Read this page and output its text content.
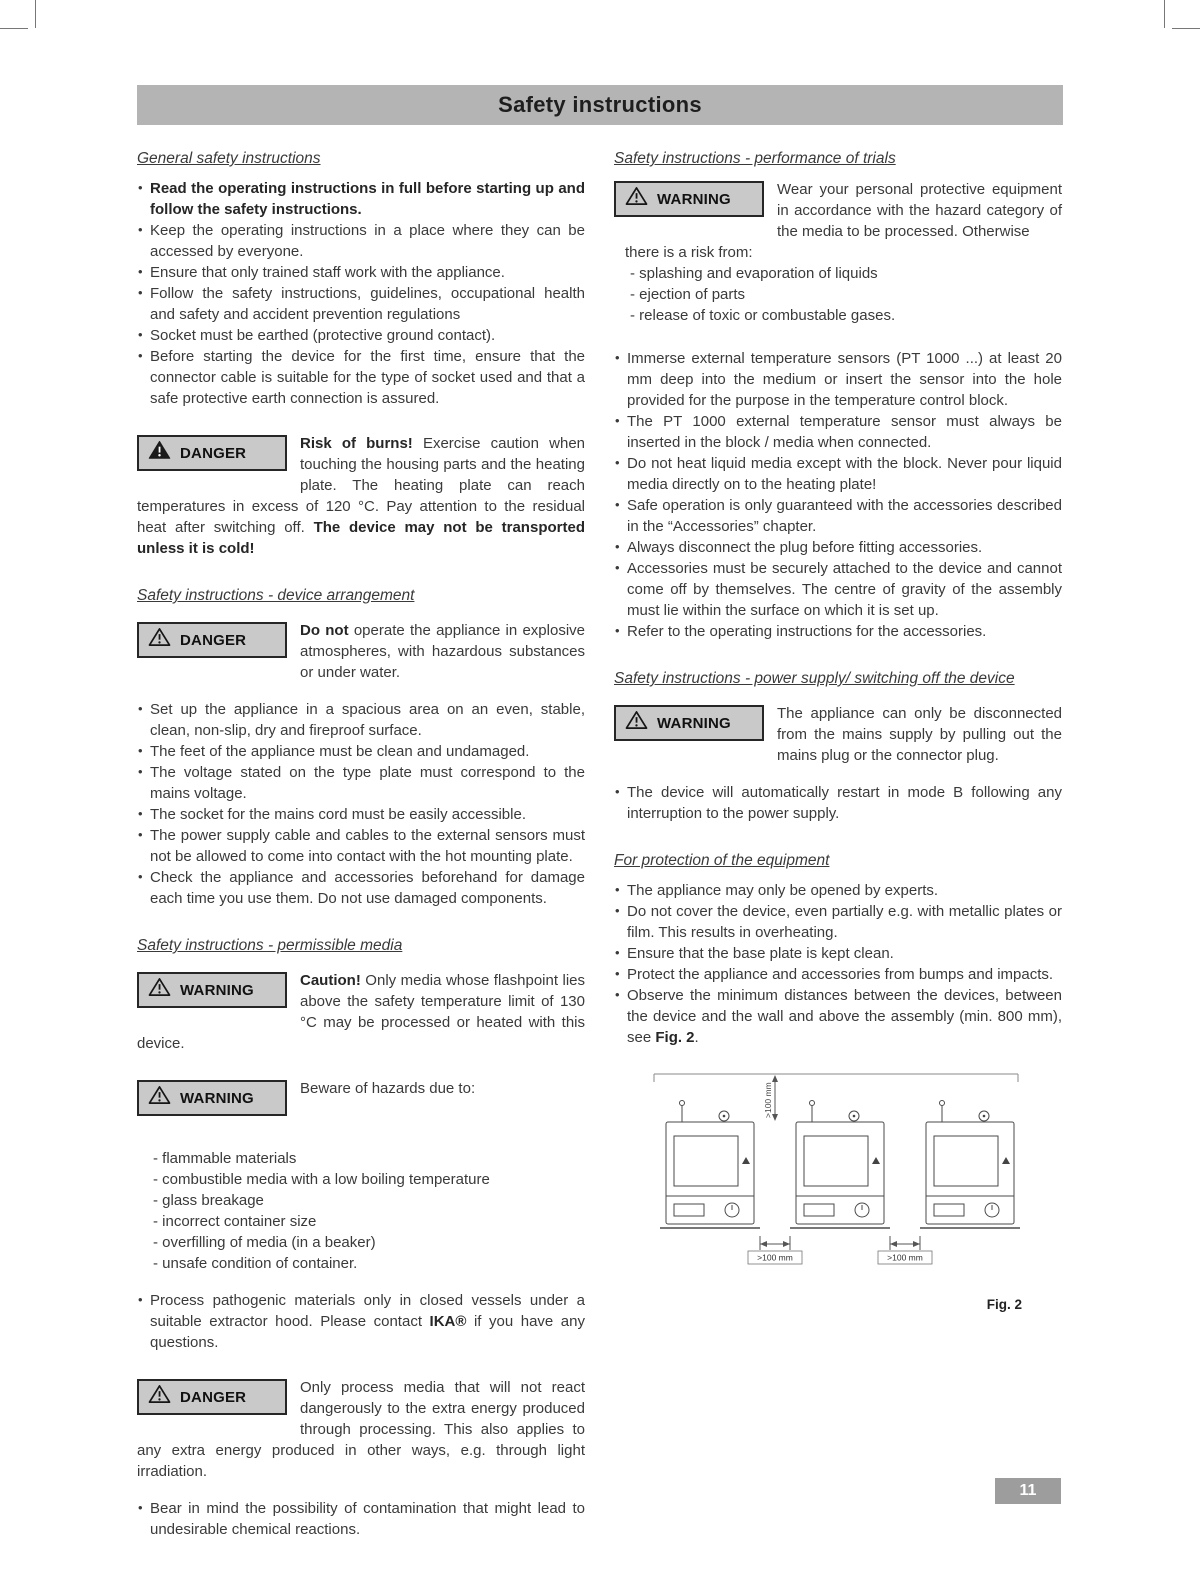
Safety instructions
General safety instructions
• Read the operating instructions in full before starting up and follow the safety instructions.
• Keep the operating instructions in a place where they can be accessed by everyone.
• Ensure that only trained staff work with the appliance.
• Follow the safety instructions, guidelines, occupational health and safety and accident prevention regulations
• Socket must be earthed (protective ground contact).
• Before starting the device for the first time, ensure that the connector cable is suitable for the type of socket used and that a safe protective earth connection is assured.
DANGER

Risk of burns! Exercise caution when touching the housing parts and the heating plate. The heating plate can reach temperatures in excess of 120 °C. Pay attention to the residual heat after switching off. The device may not be transported unless it is cold!

Safety instructions - device arrangement
DANGER

Do not operate the appliance in explosive atmospheres, with hazardous substances or under water.

• Set up the appliance in a spacious area on an even, stable, clean, non-slip, dry and fireproof surface.
• The feet of the appliance must be clean and undamaged.
• The voltage stated on the type plate must correspond to the mains voltage.
• The socket for the mains cord must be easily accessible.
• The power supply cable and cables to the external sensors must not be allowed to come into contact with the hot mounting plate.
• Check the appliance and accessories beforehand for damage each time you use them. Do not use damaged components.
Safety instructions - permissible media
WARNING

Caution! Only media whose flashpoint lies above the safety temperature limit of 130 °C may be processed or heated with this device.

WARNING

Beware of hazards due to:

- flammable materials
- combustible media with a low boiling temperature
- glass breakage
- incorrect container size
- overfilling of media (in a beaker)
- unsafe condition of container.
• Process pathogenic materials only in closed vessels under a suitable extractor hood. Please contact IKA® if you have any questions.
DANGER

Only process media that will not react dangerously to the extra energy produced through processing. This also applies to any extra energy produced in other ways, e.g. through light irradiation.

• Bear in mind the possibility of contamination that might lead to undesirable chemical reactions.
Safety instructions - performance of trials
WARNING

Wear your personal protective equipment in accordance with the hazard category of the media to be processed. Otherwise

there is a risk from:
- splashing and evaporation of liquids
- ejection of parts
- release of toxic or combustable gases.
• Immerse external temperature sensors (PT 1000 ...) at least 20 mm deep into the medium or insert the sensor into the hole provided for the purpose in the temperature control block.
• The PT 1000 external temperature sensor must always be inserted in the block / media when connected.
• Do not heat liquid media except with the block. Never pour liquid media directly on to the heating plate!
• Safe operation is only guaranteed with the accessories described in the “Accessories” chapter.
• Always disconnect the plug before fitting accessories.
• Accessories must be securely attached to the device and cannot come off by themselves. The centre of gravity of the assembly must lie within the surface on which it is set up.
• Refer to the operating instructions for the accessories.
Safety instructions - power supply/ switching off the device
WARNING

The appliance can only be disconnected from the mains supply by pulling out the mains plug or the connector plug.

• The device will automatically restart in mode B following any interruption to the power supply.
For protection of the equipment
• The appliance may only be opened by experts.
• Do not cover the device, even partially e.g. with metallic plates or film. This results in overheating.
• Ensure that the base plate is kept clean.
• Protect the appliance and accessories from bumps and impacts.
• Observe the minimum distances between the devices, between the device and the wall and above the assembly (min. 800 mm), see Fig. 2.
>100 mm
>100 mm	>100 mm
Fig. 2
11
